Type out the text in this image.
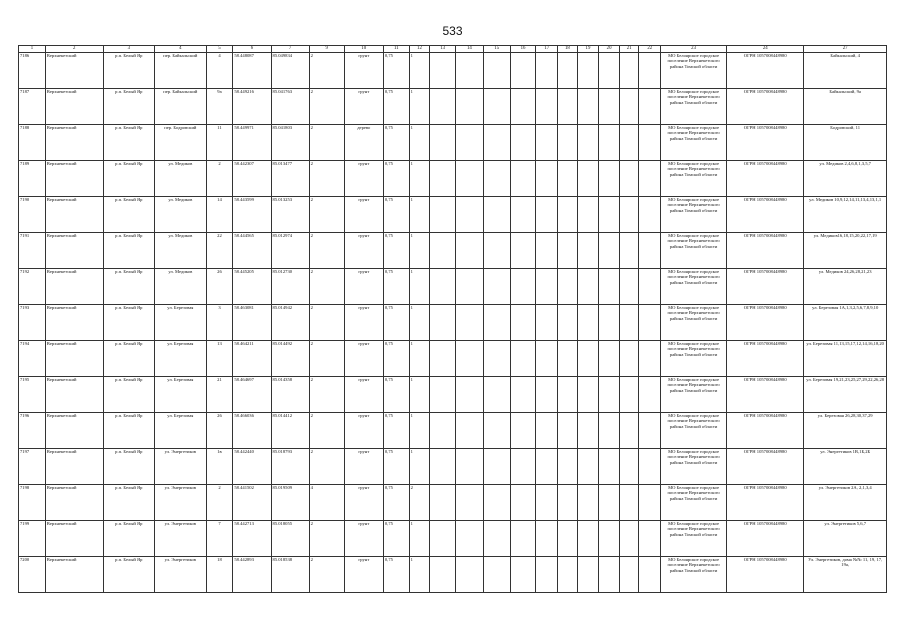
533
1	2	3	4	5	6	7	9	10	11	12	13	14	15	16	17	18	19	20	21	22	23	24	27
7186	Верхнекетский	р.п. Белый Яр	пер. Байкальский	4	58.448087	85.049834	2	грунт	0,75	1											МО Белоярское городское поселение Верхнекетского района Томской области	ОГРН 1057008448980	Байкальский, 4
7187	Верхнекетский	р.п. Белый Яр	пер. Байкальский	9а	58.449216	85.041763	2	грунт	0,75	1											МО Белоярское городское поселение Верхнекетского района Томской области	ОГРН 1057008448980	Байкальский, 9а
7188	Верхнекетский	р.п. Белый Яр	пер. Бодровский	11	58.449971	85.041803	2	дерево	0,75	1											МО Белоярское городское поселение Верхнекетского района Томской области	ОГРН 1057008448980	Бодровский, 11
7189	Верхнекетский	р.п. Белый Яр	ул. Медиков	2	58.442307	85.013477	2	грунт	0,75	1											МО Белоярское городское поселение Верхнекетского района Томской области	ОГРН 1057008448980	ул. Медиков 2,4,6,8,1,3,5,7
7190	Верхнекетский	р.п. Белый Яр	ул. Медиков	14	58.443599	85.013253	2	грунт	0,75	1											МО Белоярское городское поселение Верхнекетского района Томской области	ОГРН 1057008448980	ул. Медиков 10,9,12,14,11,13,4,13,1,1
7191	Верхнекетский	р.п. Белый Яр	ул. Медиков	22	58.444565	85.012974	2	грунт	0,75	1											МО Белоярское городское поселение Верхнекетского района Томской области	ОГРН 1057008448980	ул. Медиков16,18,15,20,22,17,19
7192	Верхнекетский	р.п. Белый Яр	ул. Медиков	26	58.445205	85.012730	2	грунт	0,75	1											МО Белоярское городское поселение Верхнекетского района Томской области	ОГРН 1057008448980	ул. Медиков 24,26,28,21,23
7193	Верхнекетский	р.п. Белый Яр	ул. Березовая	3	58.463081	85.014942	2	грунт	0,75	1											МО Белоярское городское поселение Верхнекетского района Томской области	ОГРН 1057008448980	ул. Березовая 1А,1,3,2,5,6,7,8,9,10
7194	Верхнекетский	р.п. Белый Яр	ул. Березовая	13	58.464211	85.014492	2	грунт	0,75	1											МО Белоярское городское поселение Верхнекетского района Томской области	ОГРН 1057008448980	ул. Березовая 11,13,15,17,12,14,16,18,20
7195	Верхнекетский	р.п. Белый Яр	ул. Березовая	21	58.464697	85.014358	2	грунт	0,75	1											МО Белоярское городское поселение Верхнекетского района Томской области	ОГРН 1057008448980	ул. Березовая 19,21,23,25,27,29,22,26,28
7196	Верхнекетский	р.п. Белый Яр	ул. Березовая	26	58.466036	85.014412	2	грунт	0,75	1											МО Белоярское городское поселение Верхнекетского района Томской области	ОГРН 1057008448980	ул. Березовая 26,28,30,37,29
7197	Верхнекетский	р.п. Белый Яр	ул. Энергетиков	1в	58.442440	85.018793	2	грунт	0,75	1											МО Белоярское городское поселение Верхнекетского района Томской области	ОГРН 1057008448980	ул. Энергетиков 1В,1Б,2Б
7198	Верхнекетский	р.п. Белый Яр	ул. Энергетиков	2	58.441502	85.019509	4	грунт	0,75	2											МО Белоярское городское поселение Верхнекетского района Томской области	ОГРН 1057008448980	ул. Энергетиков 2А, 2,1,3,4
7199	Верхнекетский	р.п. Белый Яр	ул. Энергетиков	7	58.442713	85.018055	2	грунт	0,75	1											МО Белоярское городское поселение Верхнекетского района Томской области	ОГРН 1057008448980	ул. Энергетиков 5,6,7
7200	Верхнекетский	р.п. Белый Яр	ул. Энергетиков	18	58.442893	85.018538	2	грунт	0,75	1											МО Белоярское городское поселение Верхнекетского района Томской области	ОГРН 1057008448980	Ул. Энергетиков, дома №№ 11, 19, 17, 19а,
